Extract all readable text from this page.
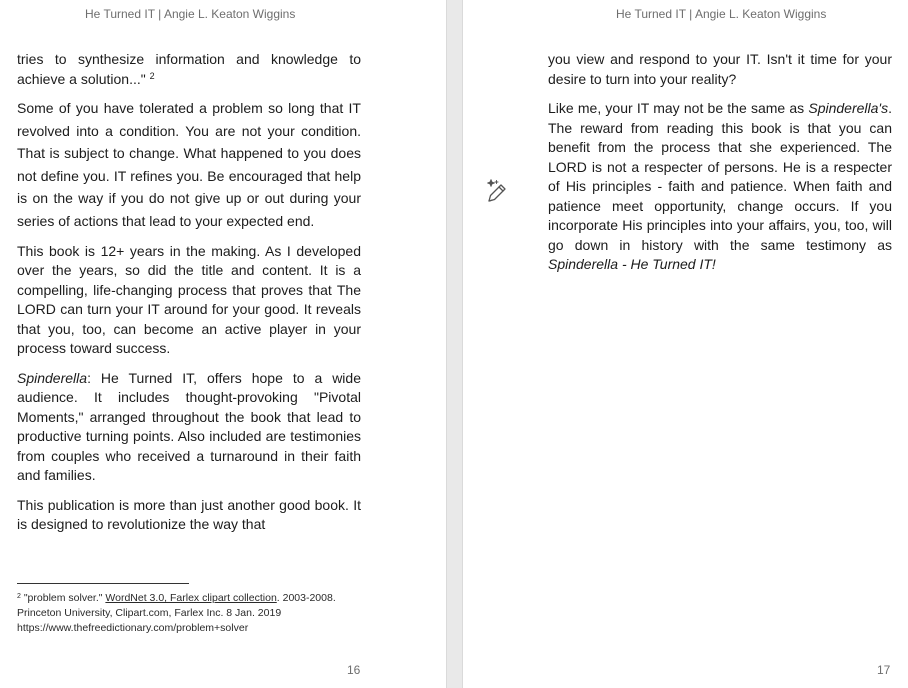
He Turned IT | Angie L. Keaton Wiggins

tries to synthesize information and knowledge to achieve a solution..." $^2$

Some of you have tolerated a problem so long that IT revolved into a condition. You are not your condition. That is subject to change. What happened to you does not define you. IT refines you. Be encouraged that help is on the way if you do not give up or out during your series of actions that lead to your expected end.

This book is 12+ years in the making. As I developed over the years, so did the title and content. It is a compelling, life-changing process that proves that The LORD can turn your IT around for your good. It reveals that you, too, can become an active player in your process toward success.

Spinderella: He Turned IT, offers hope to a wide audience. It includes thought-provoking "Pivotal Moments," arranged throughout the book that lead to productive turning points. Also included are testimonies from couples who received a turnaround in their faith and families.

This publication is more than just another good book. It is designed to revolutionize the way that

$^2$ "problem solver." WordNet 3.0, Farlex clipart collection. 2003-2008. Princeton University, Clipart.com, Farlex Inc. 8 Jan. 2019 https://www.thefreedictionary.com/problem+solver
16
He Turned IT | Angie L. Keaton Wiggins

you view and respond to your IT. Isn't it time for your desire to turn into your reality?

Like me, your IT may not be the same as Spinderella's. The reward from reading this book is that you can benefit from the process that she experienced. The LORD is not a respecter of persons. He is a respecter of His principles - faith and patience. When faith and patience meet opportunity, change occurs. If you incorporate His principles into your affairs, you, too, will go down in history with the same testimony as Spinderella - He Turned IT!

17
